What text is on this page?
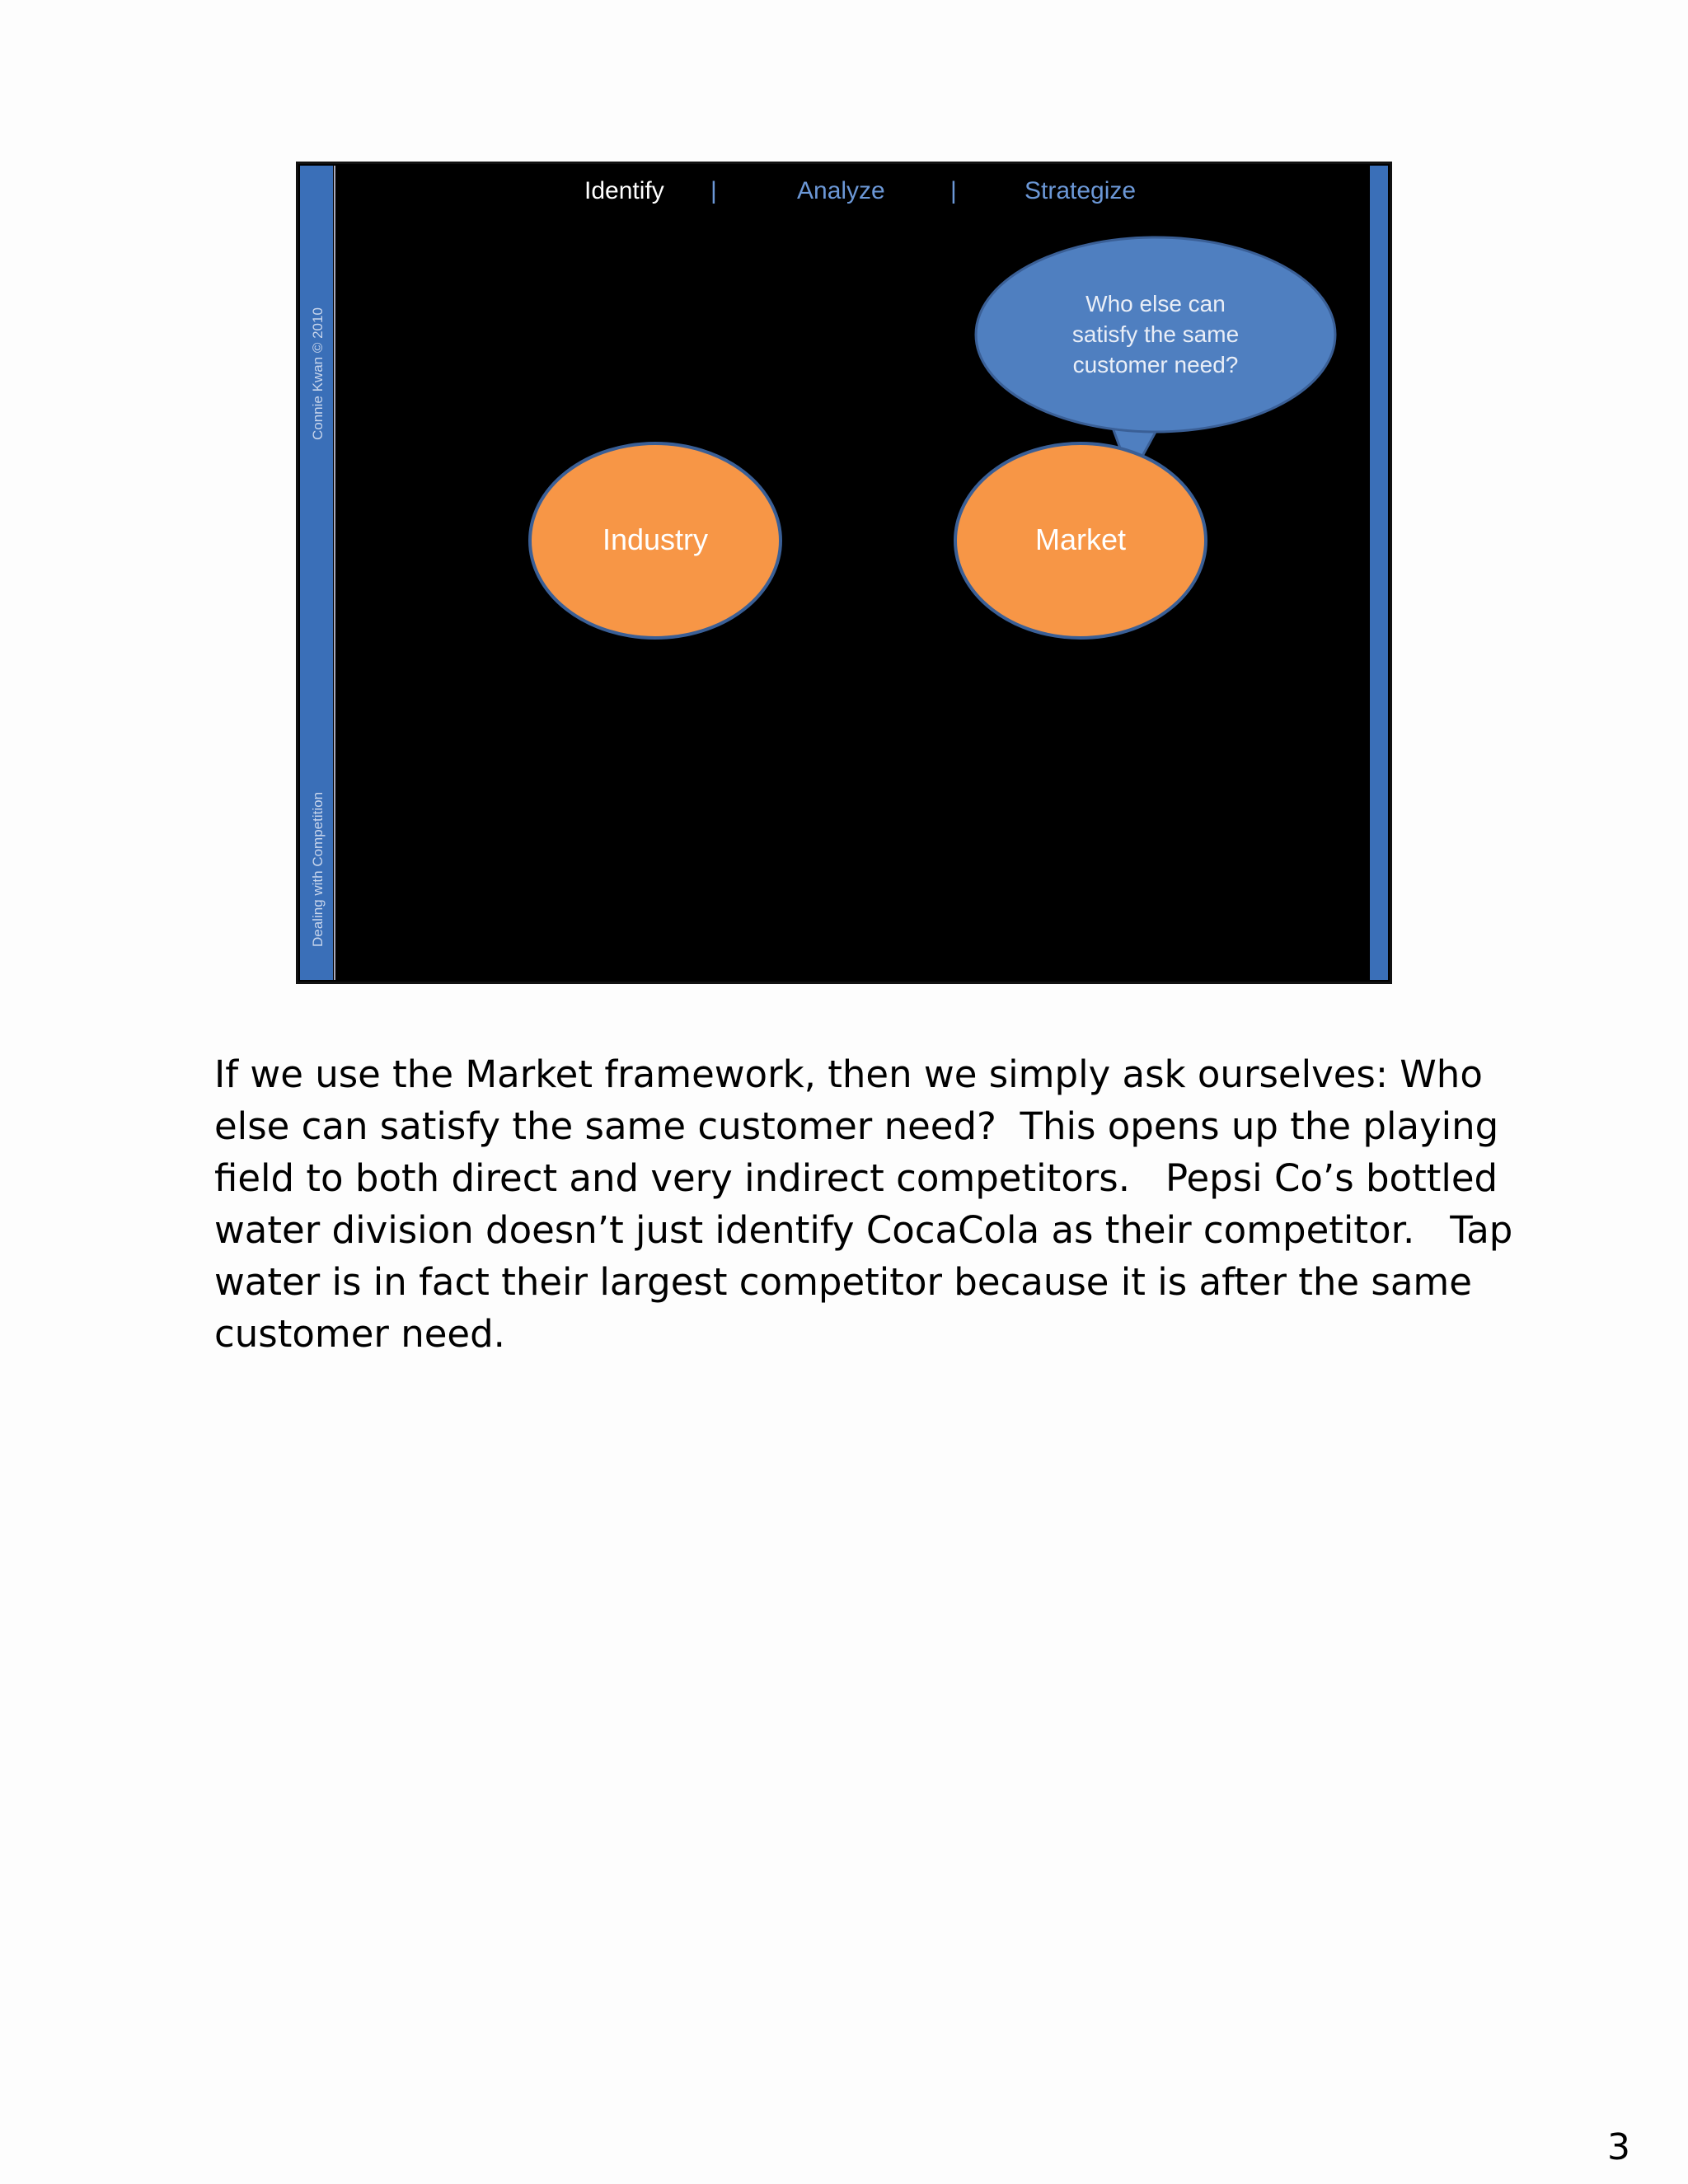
Connie Kwan © 2010
Dealing with Competition
Identify |	Analyze	|	Strategize
Who else can
satisfy the same
customer need?
Industry	Market
If we use the Market framework, then we simply ask ourselves: Who
else can satisfy the same customer need?  This opens up the playing
field to both direct and very indirect competitors.   Pepsi Co’s bottled
water division doesn’t just identify CocaCola as their competitor.   Tap
water is in fact their largest competitor because it is after the same
customer need.
3
